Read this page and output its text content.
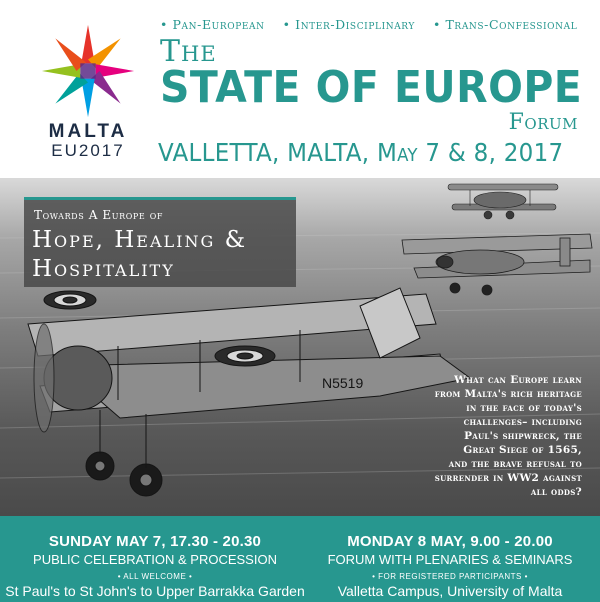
MALTA
EU2017
• Pan-European	• Inter-Disciplinary	• Trans-Confessional
The
STATE OF EUROPE
Forum
VALLETTA, MALTA, May 7 & 8, 2017
N5519
Towards A Europe of
Hope, Healing &
Hospitality
What can Europe learn
from Malta's rich heritage
in the face of today's
challenges– including
Paul's shipwreck, the
Great Siege of 1565,
and the brave refusal to
surrender in WW2 against
all odds?
SUNDAY MAY 7, 17.30 - 20.30
PUBLIC CELEBRATION & PROCESSION
• ALL WELCOME •
St Paul's to St John's to Upper Barrakka Garden
MONDAY 8 MAY, 9.00 - 20.00
FORUM WITH PLENARIES & SEMINARS
• FOR REGISTERED PARTICIPANTS •
Valletta Campus, University of Malta
